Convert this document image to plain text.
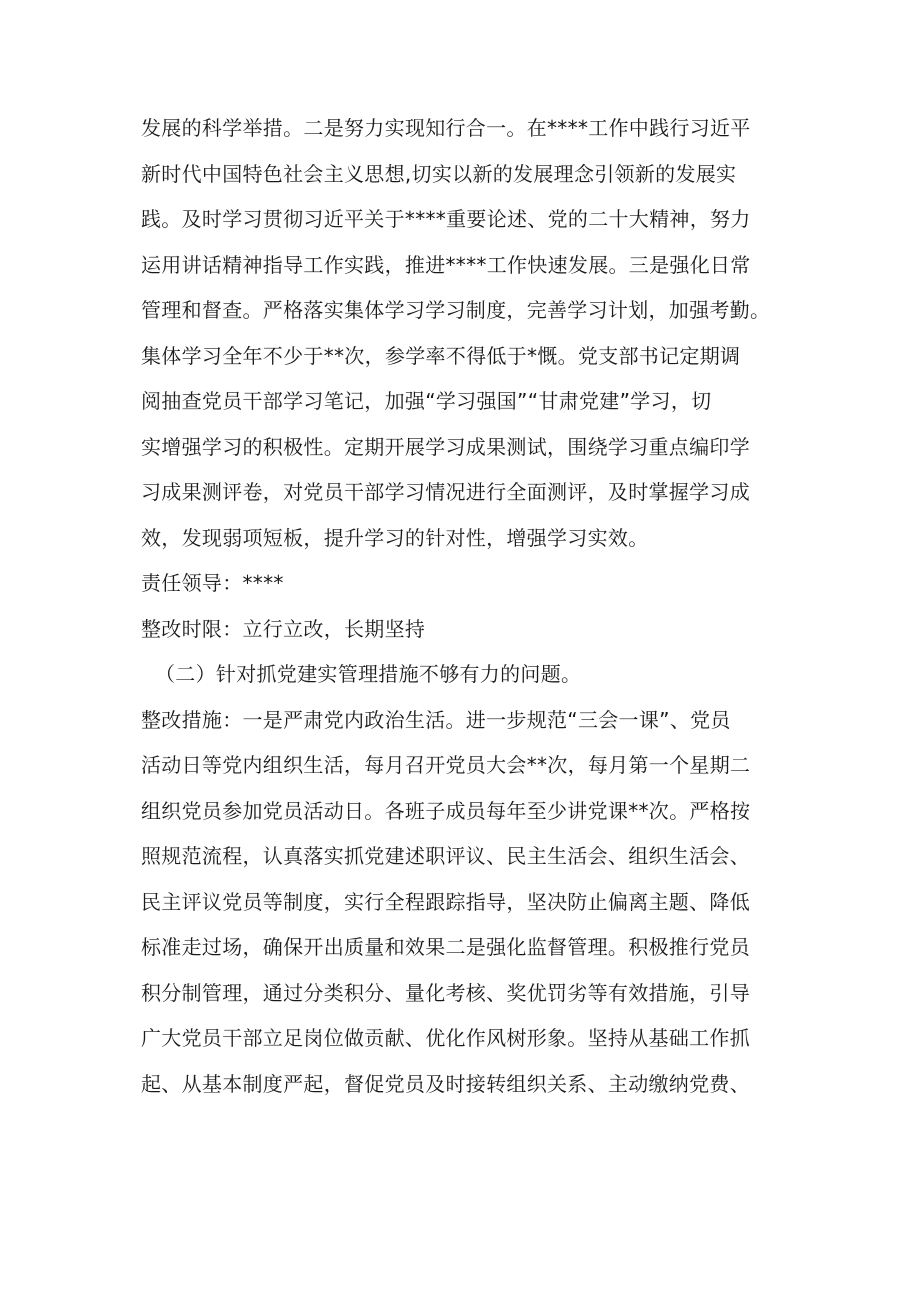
发展的科学举措。二是努力实现知行合一。在****工作中践行习近平
新时代中国特色社会主义思想,切实以新的发展理念引领新的发展实
践。及时学习贯彻习近平关于****重要论述、党的二十大精神，努力
运用讲话精神指导工作实践，推进****工作快速发展。三是强化日常
管理和督查。严格落实集体学习学习制度，完善学习计划，加强考勤。
集体学习全年不少于**次，参学率不得低于*慨。党支部书记定期调
阅抽查党员干部学习笔记，加强“学习强国”“甘肃党建”学习，切
实增强学习的积极性。定期开展学习成果测试，围绕学习重点编印学
习成果测评卷，对党员干部学习情况进行全面测评，及时掌握学习成
效，发现弱项短板，提升学习的针对性，增强学习实效。
责任领导：****
整改时限：立行立改，长期坚持
（二）针对抓党建实管理措施不够有力的问题。
整改措施：一是严肃党内政治生活。进一步规范“三会一课”、党员
活动日等党内组织生活，每月召开党员大会**次，每月第一个星期二
组织党员参加党员活动日。各班子成员每年至少讲党课**次。严格按
照规范流程，认真落实抓党建述职评议、民主生活会、组织生活会、
民主评议党员等制度，实行全程跟踪指导，坚决防止偏离主题、降低
标准走过场，确保开出质量和效果二是强化监督管理。积极推行党员
积分制管理，通过分类积分、量化考核、奖优罚劣等有效措施，引导
广大党员干部立足岗位做贡献、优化作风树形象。坚持从基础工作抓
起、从基本制度严起，督促党员及时接转组织关系、主动缴纳党费、
